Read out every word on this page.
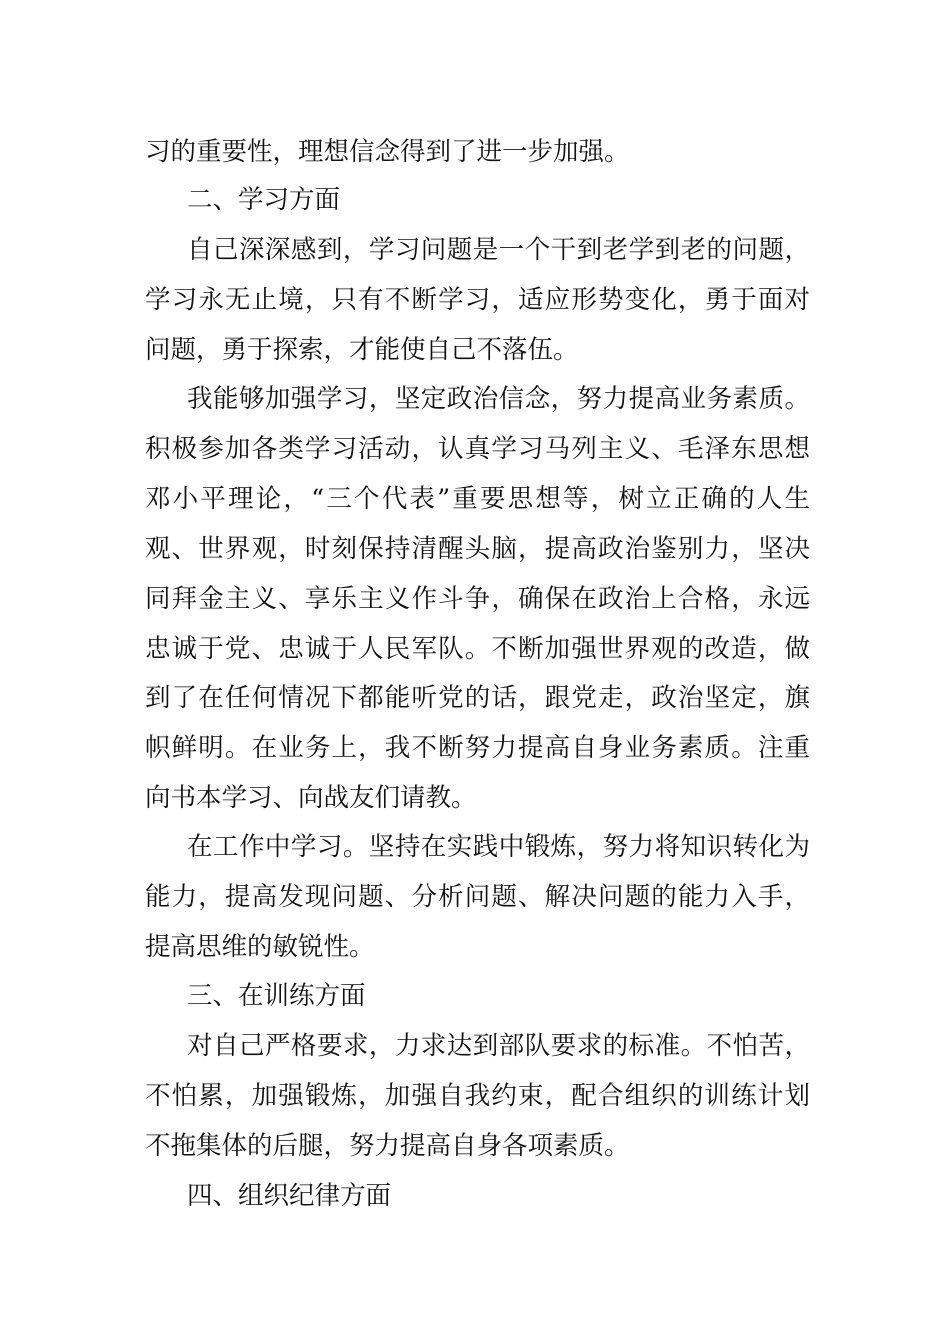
习的重要性，理想信念得到了进一步加强。
二、学习方面
自己深深感到，学习问题是一个干到老学到老的问题，
学习永无止境，只有不断学习，适应形势变化，勇于面对
问题，勇于探索，才能使自己不落伍。
我能够加强学习，坚定政治信念，努力提高业务素质。
积极参加各类学习活动，认真学习马列主义、毛泽东思想
邓小平理论，“三个代表”重要思想等，树立正确的人生
观、世界观，时刻保持清醒头脑，提高政治鉴别力，坚决
同拜金主义、享乐主义作斗争，确保在政治上合格，永远
忠诚于党、忠诚于人民军队。不断加强世界观的改造，做
到了在任何情况下都能听党的话，跟党走，政治坚定，旗
帜鲜明。在业务上，我不断努力提高自身业务素质。注重
向书本学习、向战友们请教。
在工作中学习。坚持在实践中锻炼，努力将知识转化为
能力，提高发现问题、分析问题、解决问题的能力入手，
提高思维的敏锐性。
三、在训练方面
对自己严格要求，力求达到部队要求的标准。不怕苦，
不怕累，加强锻炼，加强自我约束，配合组织的训练计划
不拖集体的后腿，努力提高自身各项素质。
四、组织纪律方面
